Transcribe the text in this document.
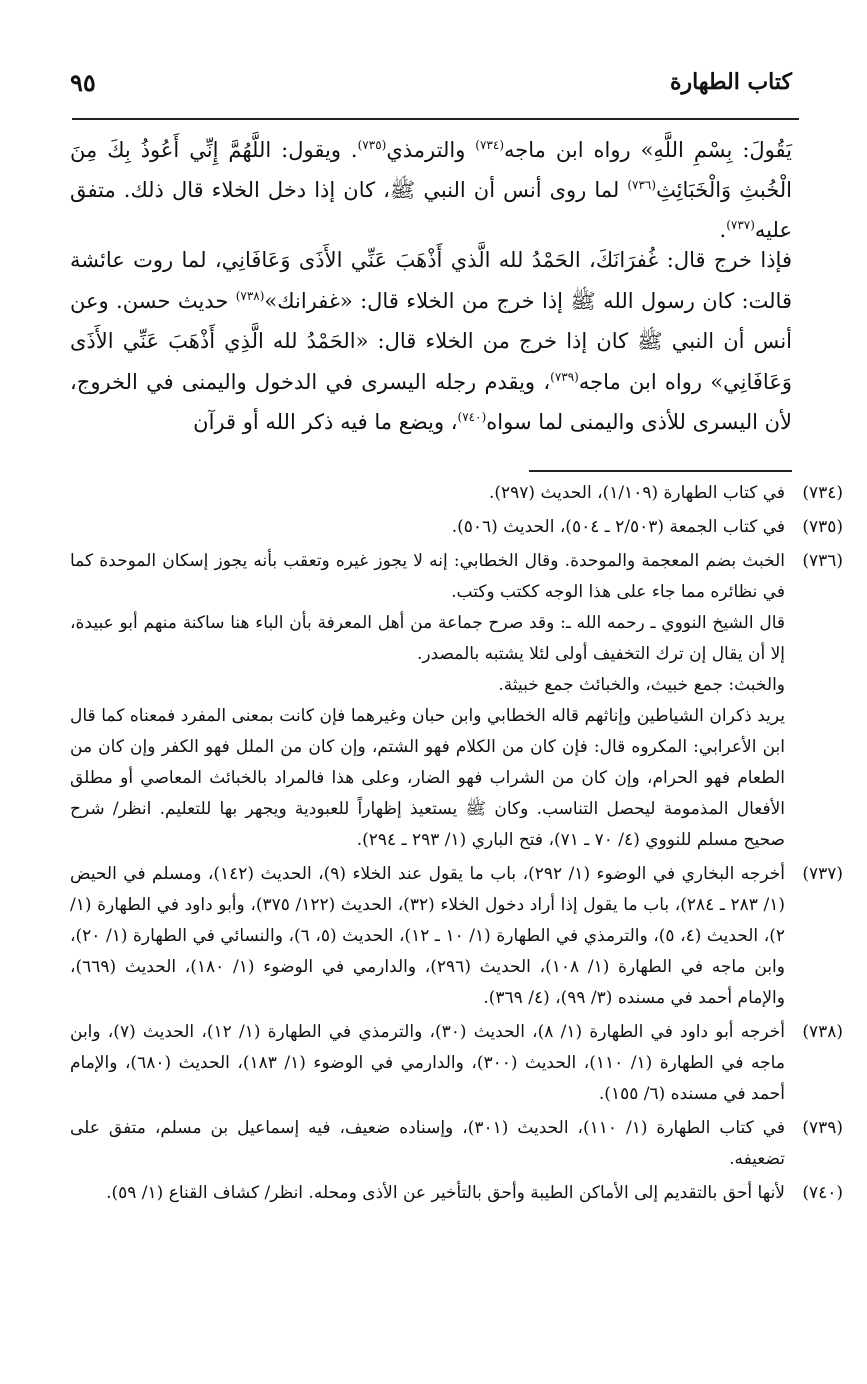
كتاب الطهارة
٩٥

يَقُولَ: بِسْمِ اللَّهِ» رواه ابن ماجه$^{(٧٣٤)}$ والترمذي$^{(٧٣٥)}$. ويقول: اللَّهُمَّ إِنِّي أَعُوذُ بِكَ مِنَ الْخُبثِ وَالْخَبَائِثِ$^{(٧٣٦)}$ لما روى أنس أن النبي ﷺ، كان إذا دخل الخلاء قال ذلك. متفق عليه$^{(٧٣٧)}$.

فإذا خرج قال: غُفرَانَكَ، الحَمْدُ لله الَّذي أَذْهَبَ عَنِّي الأَذَى وَعَافَانِي، لما روت عائشة قالت: كان رسول الله ﷺ إذا خرج من الخلاء قال: «غفرانك»$^{(٧٣٨)}$ حديث حسن. وعن أنس أن النبي ﷺ كان إذا خرج من الخلاء قال: «الحَمْدُ لله الَّذِي أَذْهَبَ عَنِّي الأَذَى وَعَافَانِي» رواه ابن ماجه$^{(٧٣٩)}$، ويقدم رجله اليسرى في الدخول واليمنى في الخروج، لأن اليسرى للأذى واليمنى لما سواه$^{(٧٤٠)}$، ويضع ما فيه ذكر الله أو قرآن

(٧٣٤)

في كتاب الطهارة (١/١٠٩)، الحديث (٢٩٧).

(٧٣٥)

في كتاب الجمعة (٢/٥٠٣ ـ ٥٠٤)، الحديث (٥٠٦).

(٧٣٦)

الخبث بضم المعجمة والموحدة. وقال الخطابي: إنه لا يجوز غيره وتعقب بأنه يجوز إسكان الموحدة كما في نظائره مما جاء على هذا الوجه ككتب وكتب.

قال الشيخ النووي ـ رحمه الله ـ: وقد صرح جماعة من أهل المعرفة بأن الباء هنا ساكنة منهم أبو عبيدة، إلا أن يقال إن ترك التخفيف أولى لئلا يشتبه بالمصدر.

والخبث: جمع خبيث، والخبائث جمع خبيثة.

يريد ذكران الشياطين وإناثهم قاله الخطابي وابن حبان وغيرهما فإن كانت بمعنى المفرد فمعناه كما قال ابن الأعرابي: المكروه قال: فإن كان من الكلام فهو الشتم، وإن كان من الملل فهو الكفر وإن كان من الطعام فهو الحرام، وإن كان من الشراب فهو الضار، وعلى هذا فالمراد بالخبائث المعاصي أو مطلق الأفعال المذمومة ليحصل التناسب. وكان ﷺ يستعيذ إظهاراً للعبودية ويجهر بها للتعليم. انظر/ شرح صحيح مسلم للنووي (٤/ ٧٠ ـ ٧١)، فتح الباري (١/ ٢٩٣ ـ ٢٩٤).

(٧٣٧)

أخرجه البخاري في الوضوء (١/ ٢٩٢)، باب ما يقول عند الخلاء (٩)، الحديث (١٤٢)، ومسلم في الحيض (١/ ٢٨٣ ـ ٢٨٤)، باب ما يقول إذا أراد دخول الخلاء (٣٢)، الحديث (١٢٢/ ٣٧٥)، وأبو داود في الطهارة (١/ ٢)، الحديث (٤، ٥)، والترمذي في الطهارة (١/ ١٠ ـ ١٢)، الحديث (٥، ٦)، والنسائي في الطهارة (١/ ٢٠)، وابن ماجه في الطهارة (١/ ١٠٨)، الحديث (٢٩٦)، والدارمي في الوضوء (١/ ١٨٠)، الحديث (٦٦٩)، والإمام أحمد في مسنده (٣/ ٩٩)، (٤/ ٣٦٩).

(٧٣٨)

أخرجه أبو داود في الطهارة (١/ ٨)، الحديث (٣٠)، والترمذي في الطهارة (١/ ١٢)، الحديث (٧)، وابن ماجه في الطهارة (١/ ١١٠)، الحديث (٣٠٠)، والدارمي في الوضوء (١/ ١٨٣)، الحديث (٦٨٠)، والإمام أحمد في مسنده (٦/ ١٥٥).

(٧٣٩)

في كتاب الطهارة (١/ ١١٠)، الحديث (٣٠١)، وإسناده ضعيف، فيه إسماعيل بن مسلم، متفق على تضعيفه.

(٧٤٠)

لأنها أحق بالتقديم إلى الأماكن الطيبة وأحق بالتأخير عن الأذى ومحله. انظر/ كشاف القناع (١/ ٥٩).
